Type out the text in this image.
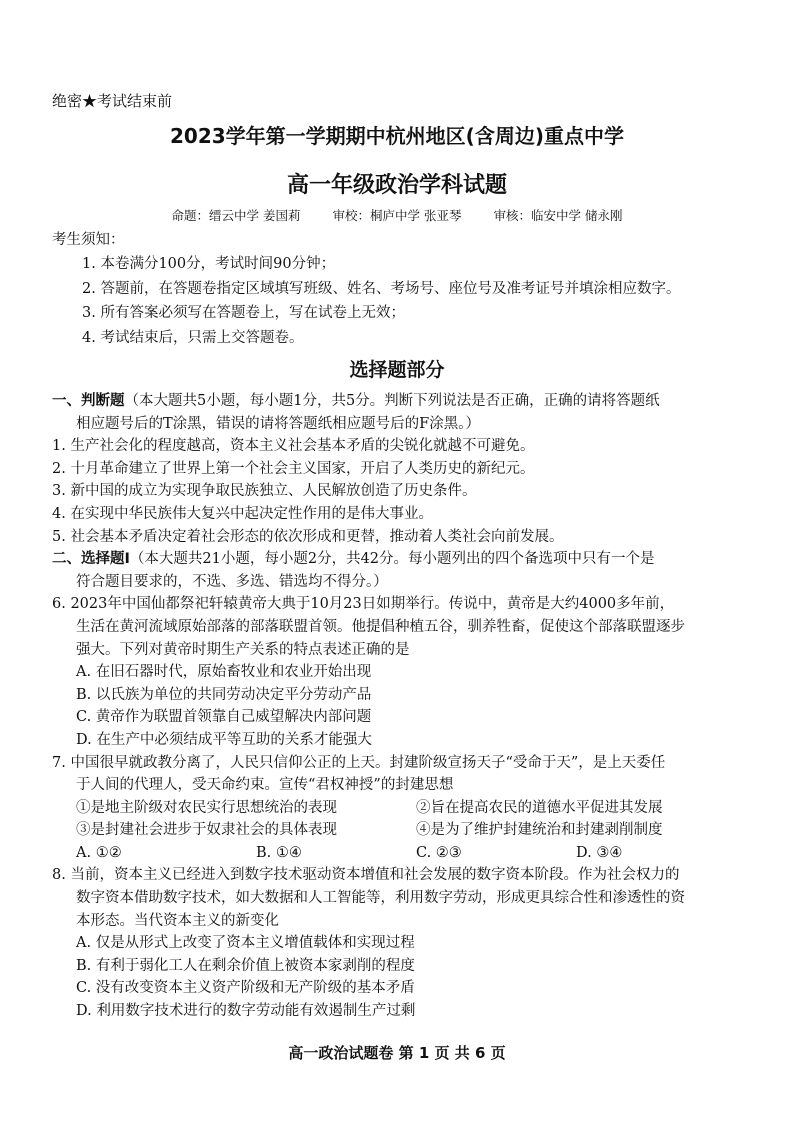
绝密★考试结束前
2023学年第一学期期中杭州地区(含周边)重点中学
高一年级政治学科试题
命题：缙云中学 姜国莉	审校：桐庐中学 张亚琴	审核：临安中学 储永刚
考生须知：
1. 本卷满分100分，考试时间90分钟；
2. 答题前，在答题卷指定区域填写班级、姓名、考场号、座位号及准考证号并填涂相应数字。
3. 所有答案必须写在答题卷上，写在试卷上无效；
4. 考试结束后，只需上交答题卷。
选择题部分
一、判断题（本大题共5小题，每小题1分，共5分。判断下列说法是否正确，正确的请将答题纸
相应题号后的T涂黑，错误的请将答题纸相应题号后的F涂黑。）
1. 生产社会化的程度越高，资本主义社会基本矛盾的尖锐化就越不可避免。
2. 十月革命建立了世界上第一个社会主义国家，开启了人类历史的新纪元。
3. 新中国的成立为实现争取民族独立、人民解放创造了历史条件。
4. 在实现中华民族伟大复兴中起决定性作用的是伟大事业。
5. 社会基本矛盾决定着社会形态的依次形成和更替，推动着人类社会向前发展。
二、选择题Ⅰ（本大题共21小题，每小题2分，共42分。每小题列出的四个备选项中只有一个是
符合题目要求的，不选、多选、错选均不得分。）
6. 2023年中国仙都祭祀轩辕黄帝大典于10月23日如期举行。传说中，黄帝是大约4000多年前，
生活在黄河流域原始部落的部落联盟首领。他提倡种植五谷，驯养牲畜，促使这个部落联盟逐步
强大。下列对黄帝时期生产关系的特点表述正确的是
A. 在旧石器时代，原始畜牧业和农业开始出现
B. 以氏族为单位的共同劳动决定平分劳动产品
C. 黄帝作为联盟首领靠自己威望解决内部问题
D. 在生产中必须结成平等互助的关系才能强大
7. 中国很早就政教分离了，人民只信仰公正的上天。封建阶级宣扬天子“受命于天”，是上天委任
于人间的代理人，受天命约束。宣传“君权神授”的封建思想
①是地主阶级对农民实行思想统治的表现	②旨在提高农民的道德水平促进其发展
③是封建社会进步于奴隶社会的具体表现	④是为了维护封建统治和封建剥削制度
A. ①②	B. ①④	C. ②③	D. ③④
8. 当前，资本主义已经进入到数字技术驱动资本增值和社会发展的数字资本阶段。作为社会权力的
数字资本借助数字技术，如大数据和人工智能等，利用数字劳动，形成更具综合性和渗透性的资
本形态。当代资本主义的新变化
A. 仅是从形式上改变了资本主义增值载体和实现过程
B. 有利于弱化工人在剩余价值上被资本家剥削的程度
C. 没有改变资本主义资产阶级和无产阶级的基本矛盾
D. 利用数字技术进行的数字劳动能有效遏制生产过剩
高一政治试题卷 第 1 页 共 6 页
